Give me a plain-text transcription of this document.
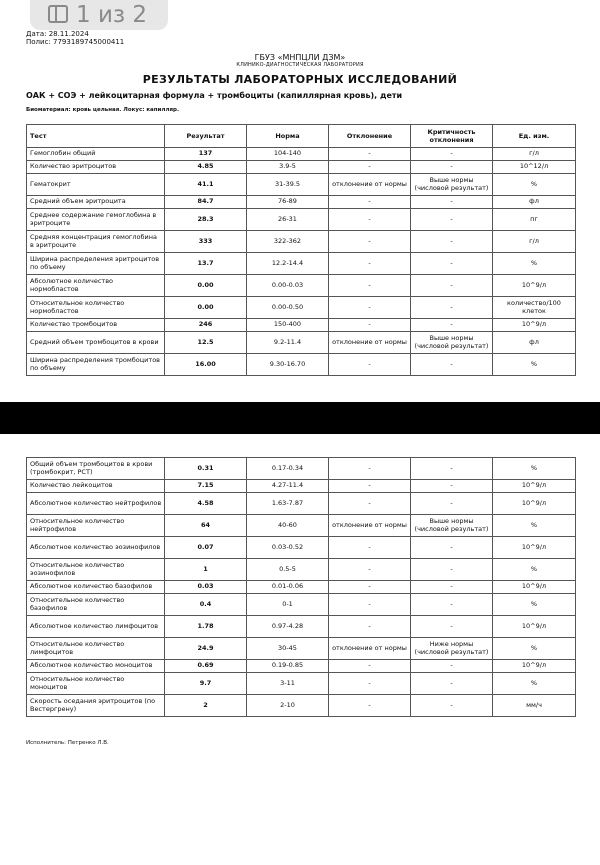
Дата: 28.11.2024
Полис: 7793189745000411
ГБУЗ «МНПЦЛИ ДЗМ»
КЛИНИКО-ДИАГНОСТИЧЕСКАЯ ЛАБОРАТОРИЯ
РЕЗУЛЬТАТЫ ЛАБОРАТОРНЫХ ИССЛЕДОВАНИЙ
ОАК + СОЭ + лейкоцитарная формула + тромбоциты (капиллярная кровь), дети
Биоматериал: кровь цельная. Локус: капилляр.
Тест	Результат	Норма	Отклонение	Критичность отклонения	Ед. изм.
Гемоглобин общий	137	104-140	-	-	г/л
Количество эритроцитов	4.85	3.9-5	-	-	10^12/л
Гематокрит	41.1	31-39.5	отклонение от нормы	Выше нормы (числовой результат)	%
Средний объем эритроцита	84.7	76-89	-	-	фл
Среднее содержание гемоглобина в эритроците	28.3	26-31	-	-	пг
Средняя концентрация гемоглобина в эритроците	333	322-362	-	-	г/л
Ширина распределения эритроцитов по объему	13.7	12.2-14.4	-	-	%
Абсолютное количество нормобластов	0.00	0.00-0.03	-	-	10^9/л
Относительное количество нормобластов	0.00	0.00-0.50	-	-	количество/100 клеток
Количество тромбоцитов	246	150-400	-	-	10^9/л
Средний объем тромбоцитов в крови	12.5	9.2-11.4	отклонение от нормы	Выше нормы (числовой результат)	фл
Ширина распределения тромбоцитов по объему	16.00	9.30-16.70	-	-	%
1 из 2
Общий объем тромбоцитов в крови (тромбокрит, PCT)	0.31	0.17-0.34	-	-	%
Количество лейкоцитов	7.15	4.27-11.4	-	-	10^9/л
Абсолютное количество нейтрофилов	4.58	1.63-7.87	-	-	10^9/л
Относительное количество нейтрофилов	64	40-60	отклонение от нормы	Выше нормы (числовой результат)	%
Абсолютное количество эозинофилов	0.07	0.03-0.52	-	-	10^9/л
Относительное количество эозинофилов	1	0.5-5	-	-	%
Абсолютное количество базофилов	0.03	0.01-0.06	-	-	10^9/л
Относительное количество базофилов	0.4	0-1	-	-	%
Абсолютное количество лимфоцитов	1.78	0.97-4.28	-	-	10^9/л
Относительное количество лимфоцитов	24.9	30-45	отклонение от нормы	Ниже нормы (числовой результат)	%
Абсолютное количество моноцитов	0.69	0.19-0.85	-	-	10^9/л
Относительное количество моноцитов	9.7	3-11	-	-	%
Скорость оседания эритроцитов (по Вестергрену)	2	2-10	-	-	мм/ч
Исполнитель: Петренко Л.В.
